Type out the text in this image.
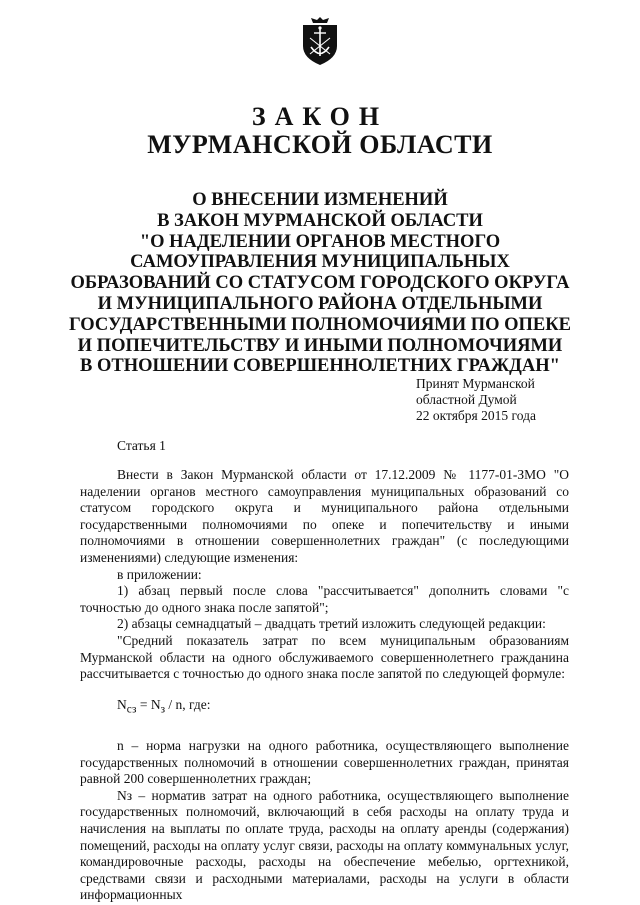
ЗАКОН
МУРМАНСКОЙ ОБЛАСТИ
О ВНЕСЕНИИ ИЗМЕНЕНИЙ
В ЗАКОН МУРМАНСКОЙ ОБЛАСТИ
"О НАДЕЛЕНИИ ОРГАНОВ МЕСТНОГО
САМОУПРАВЛЕНИЯ МУНИЦИПАЛЬНЫХ
ОБРАЗОВАНИЙ СО СТАТУСОМ ГОРОДСКОГО ОКРУГА
И МУНИЦИПАЛЬНОГО РАЙОНА ОТДЕЛЬНЫМИ
ГОСУДАРСТВЕННЫМИ ПОЛНОМОЧИЯМИ ПО ОПЕКЕ
И ПОПЕЧИТЕЛЬСТВУ И ИНЫМИ ПОЛНОМОЧИЯМИ
В ОТНОШЕНИИ СОВЕРШЕННОЛЕТНИХ ГРАЖДАН"
Принят Мурманской
областной Думой
22 октября 2015 года
Статья 1

Внести в Закон Мурманской области от 17.12.2009 № 1177-01-ЗМО "О наделении органов местного самоуправления муниципальных образований со статусом городского округа и муниципального района отдельными государственными полномочиями по опеке и попечительству и иными полномочиями в отношении совершеннолетних граждан" (с последующими изменениями) следующие изменения:

в приложении:

1) абзац первый после слова "рассчитывается" дополнить словами "с точностью до одного знака после запятой";

2) абзацы семнадцатый – двадцать третий изложить следующей редакции:

"Средний показатель затрат по всем муниципальным образованиям Мурманской области на одного обслуживаемого совершеннолетнего гражданина рассчитывается с точностью до одного знака после запятой по следующей формуле:

$N_{сз} = N_з / n$, где:

n – норма нагрузки на одного работника, осуществляющего выполнение государственных полномочий в отношении совершеннолетних граждан, принятая равной 200 совершеннолетних граждан;

Nз – норматив затрат на одного работника, осуществляющего выполнение государственных полномочий, включающий в себя расходы на оплату труда и начисления на выплаты по оплате труда, расходы на оплату аренды (содержания) помещений, расходы на оплату услуг связи, расходы на оплату коммунальных услуг, командировочные расходы, расходы на обеспечение мебелью, оргтехникой, средствами связи и расходными материалами, расходы на услуги в области информационных
